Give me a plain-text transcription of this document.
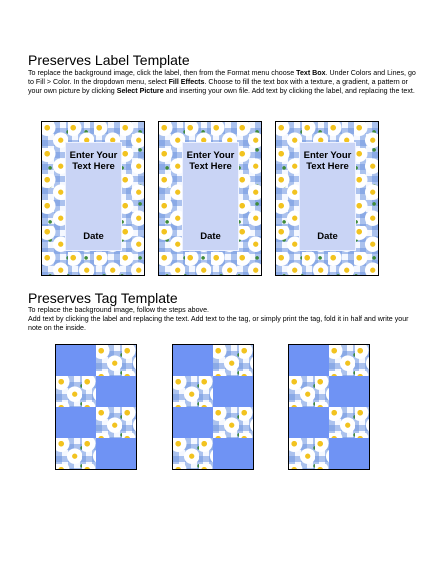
Preserves Label Template
To replace the background image, click the label, then from the Format menu choose Text Box. Under Colors and Lines, go to Fill > Color. In the dropdown menu, select Fill Effects. Choose to fill the text box with a texture, a gradient, a pattern or your own picture by clicking Select Picture and inserting your own file. Add text by clicking the label, and replacing the text.
Enter Your Text Here
Date
Enter Your Text Here
Date
Enter Your Text Here
Date
Preserves Tag Template
To replace the background image, follow the steps above.
Add text by clicking the label and replacing the text. Add text to the tag, or simply print the tag, fold it in half and write your note on the inside.
